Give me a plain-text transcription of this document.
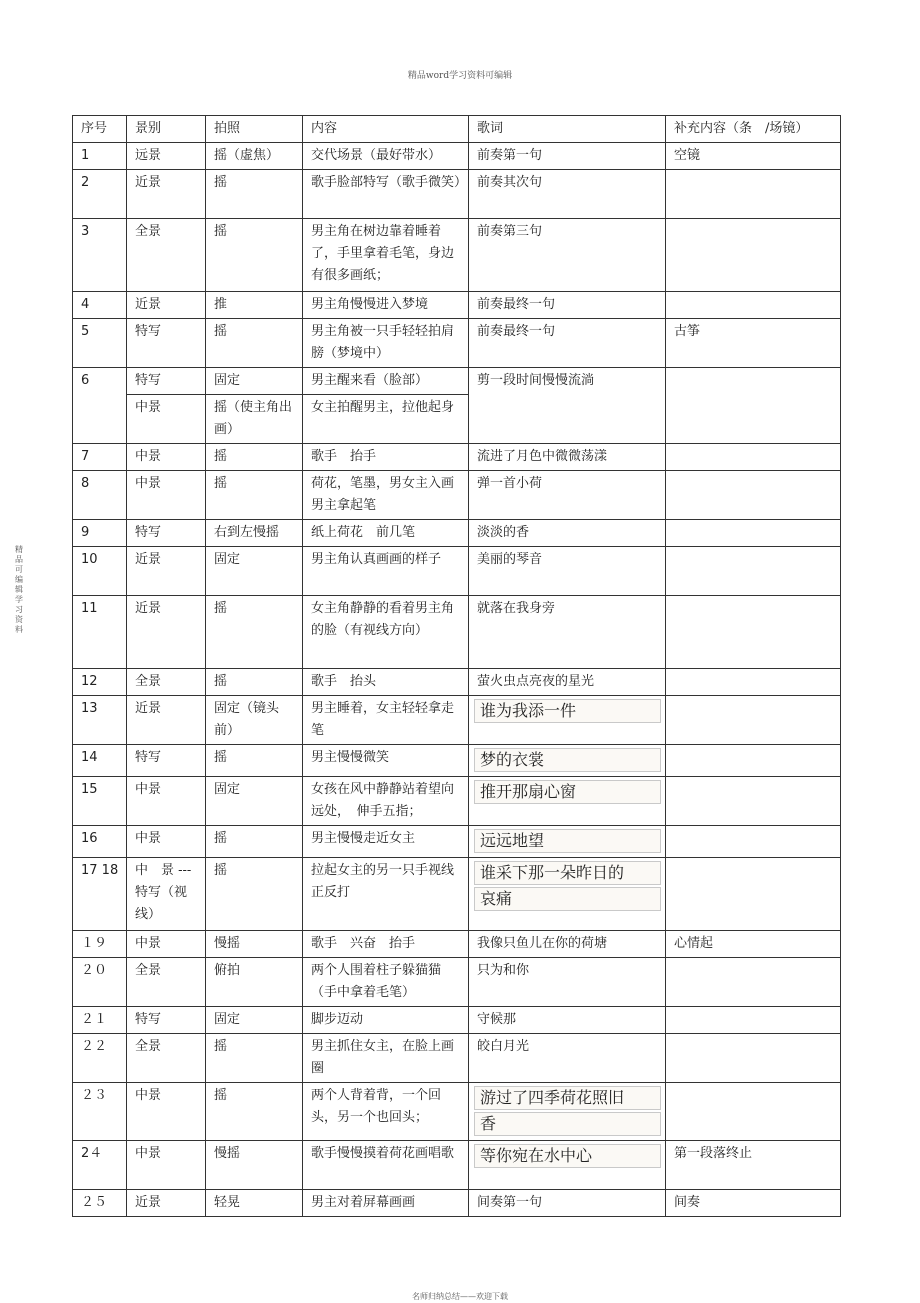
精品word学习资料可编辑
精品可编辑学习资料
序号	景别	拍照	内容	歌词	补充内容（条　/场镜）
1	远景	摇（虚焦）	交代场景（最好带水）	前奏第一句	空镜
2	近景	摇	歌手脸部特写（歌手微笑）	前奏其次句	
3	全景	摇	男主角在树边靠着睡着了，手里拿着毛笔，身边有很多画纸；	前奏第三句	
4	近景	推	男主角慢慢进入梦境	前奏最终一句	
5	特写	摇	男主角被一只手轻轻拍肩膀（梦境中）	前奏最终一句	古筝
6	特写	固定	男主醒来看（脸部）	剪一段时间慢慢流淌	
	中景	摇（使主角出画）	女主拍醒男主，拉他起身		
7	中景	摇	歌手　抬手	流进了月色中微微荡漾	
8	中景	摇	荷花，笔墨，男女主入画男主拿起笔	弹一首小荷	
9	特写	右到左慢摇	纸上荷花　前几笔	淡淡的香	
10	近景	固定	男主角认真画画的样子	美丽的琴音	
11	近景	摇	女主角静静的看着男主角的脸（有视线方向）	就落在我身旁	
12	全景	摇	歌手　抬头	萤火虫点亮夜的星光	
13	近景	固定（镜头前）	男主睡着，女主轻轻拿走笔	谁为我添一件	

14	特写	摇	男主慢慢微笑	梦的衣裳	

15	中景	固定	女孩在风中静静站着望向远处，　伸手五指；	推开那扇心窗	

16	中景	摇	男主慢慢走近女主	远远地望	

17 18	中　景 ---特写（视线）	摇	拉起女主的另一只手视线正反打	谁采下那一朵昨日的
哀痛	

１９	中景	慢摇	歌手　兴奋　抬手	我像只鱼儿在你的荷塘	心情起
２０	全景	俯拍	两个人围着柱子躲猫猫　（手中拿着毛笔）	只为和你	
２１	特写	固定	脚步迈动	守候那	
２２	全景	摇	男主抓住女主，在脸上画圈	皎白月光	
２３	中景	摇	两个人背着背，一个回头，另一个也回头；	游过了四季荷花照旧
香	

2４	中景	慢摇	歌手慢慢摸着荷花画唱歌	等你宛在水中心	第一段落终止
２５	近景	轻晃	男主对着屏幕画画	间奏第一句	间奏
名师归纳总结——欢迎下载
